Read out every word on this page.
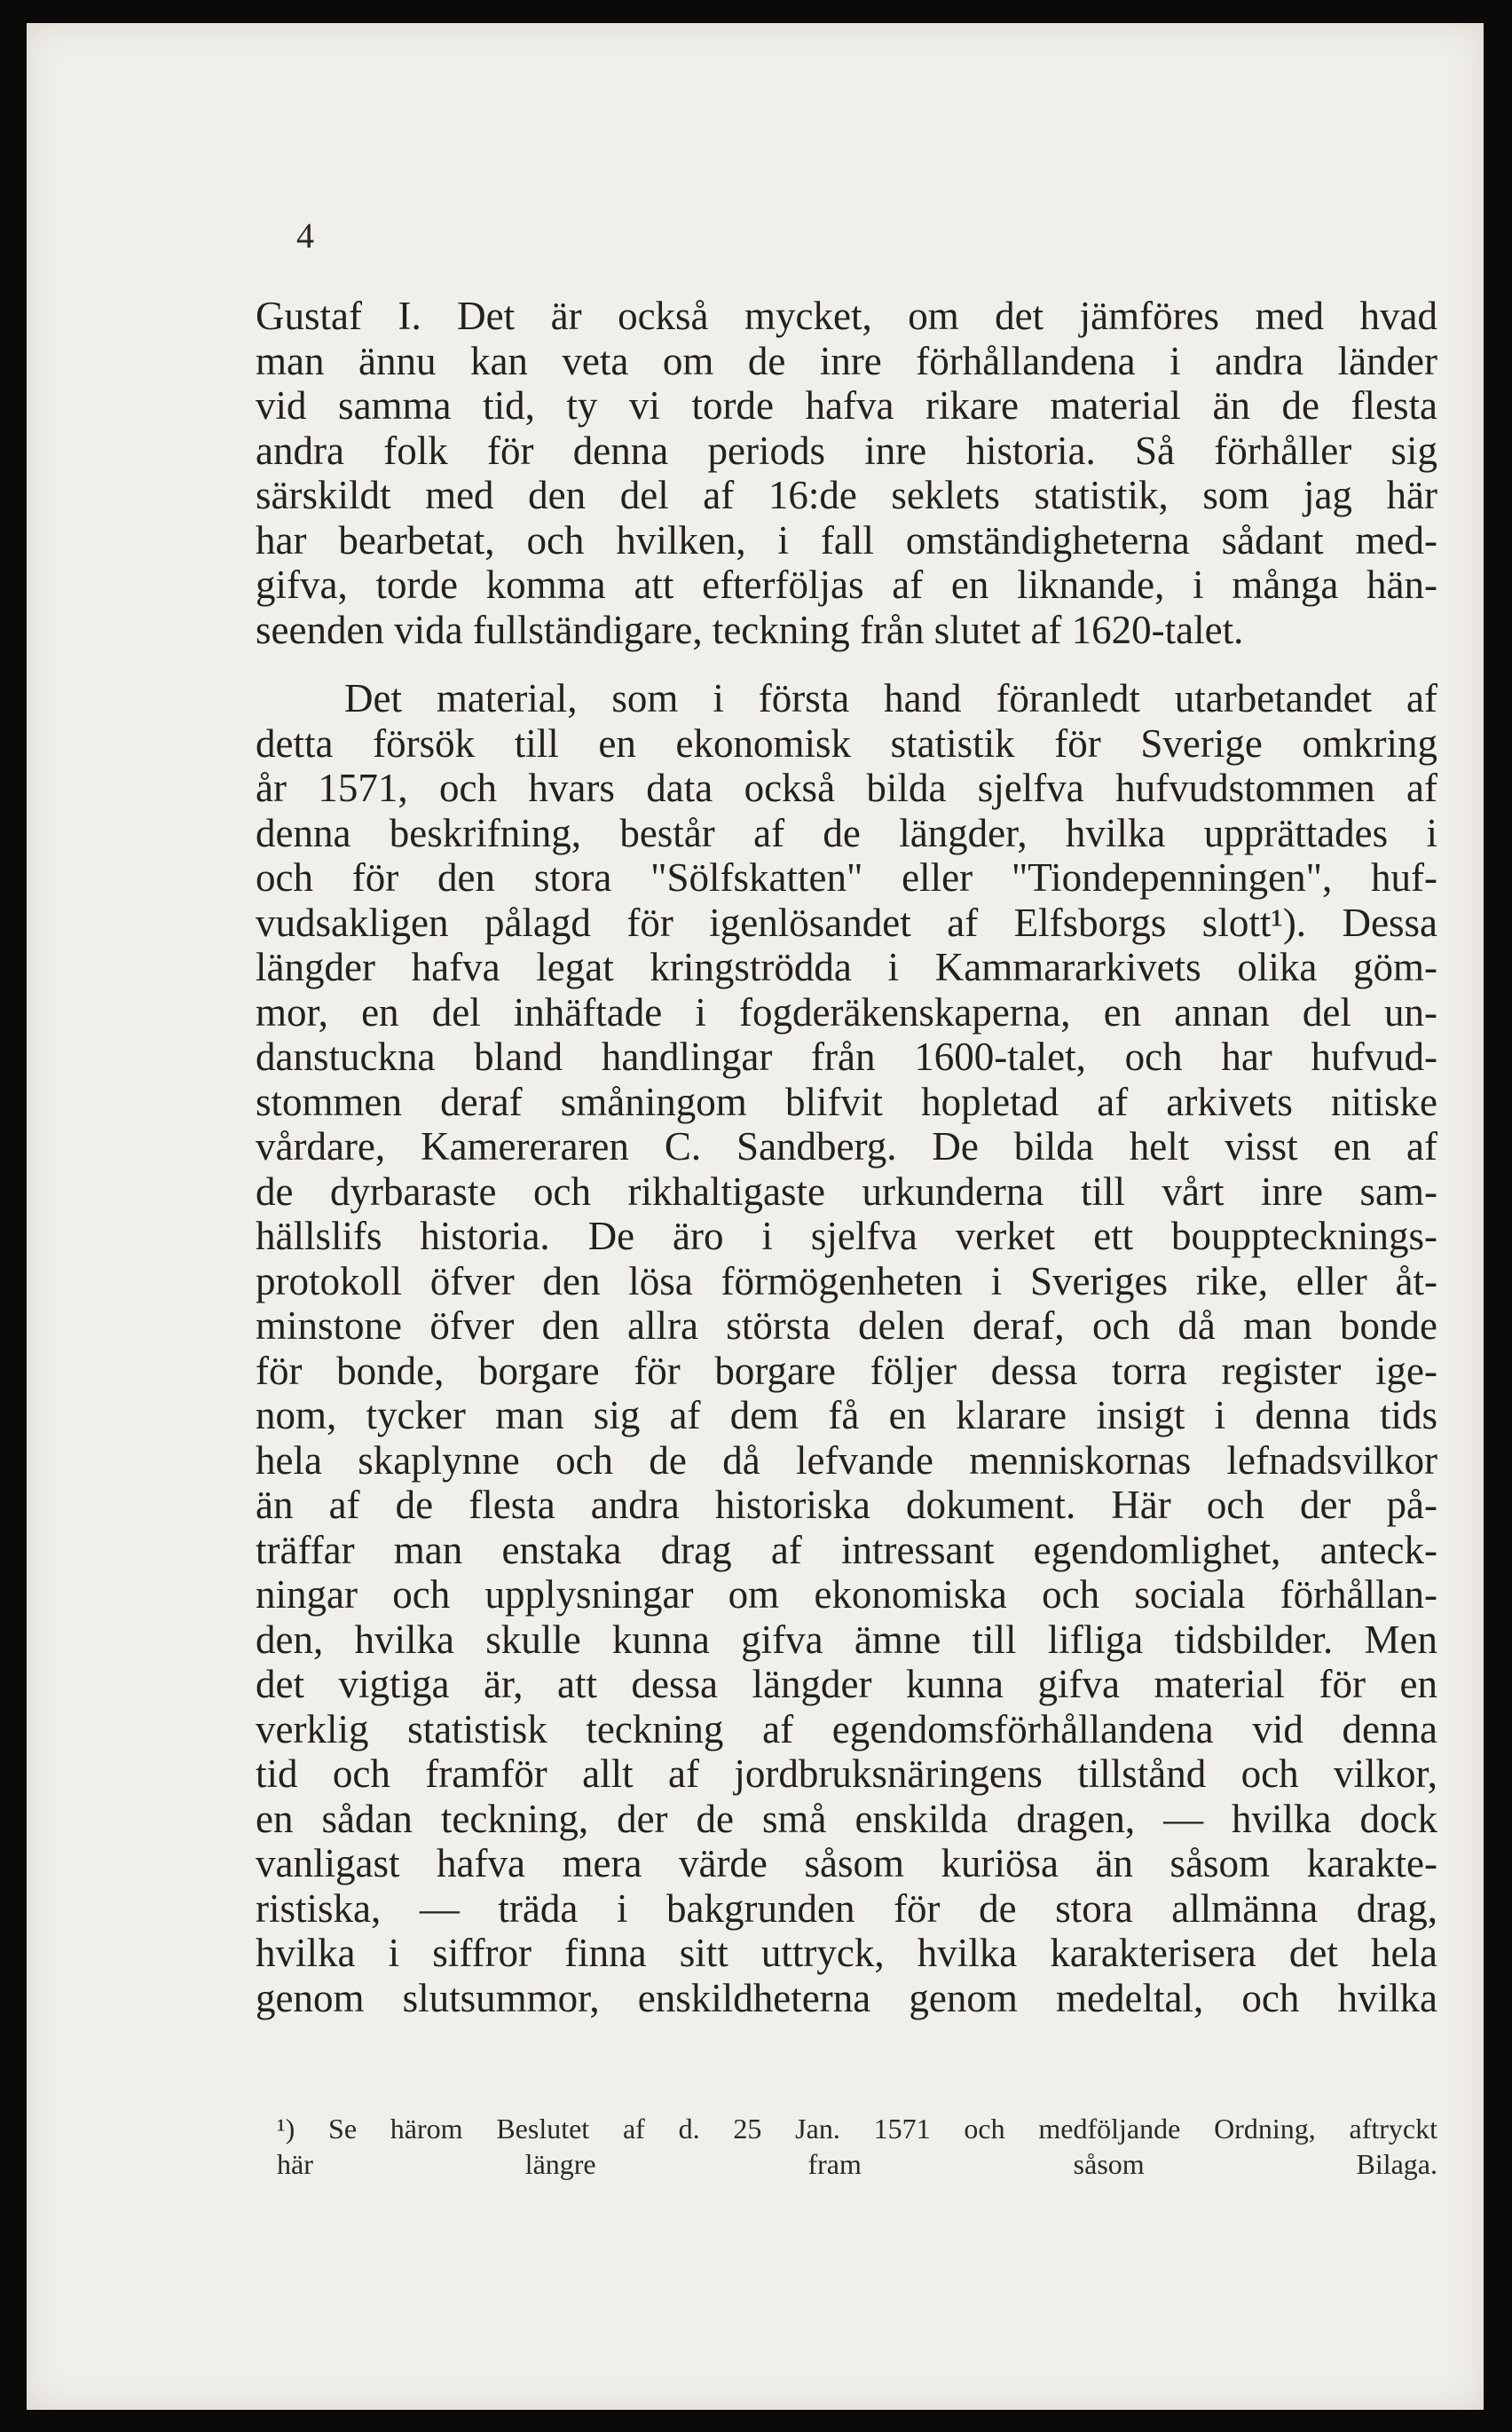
4
Gustaf I. Det är också mycket, om det jämföres med hvad
man ännu kan veta om de inre förhållandena i andra länder
vid samma tid, ty vi torde hafva rikare material än de flesta
andra folk för denna periods inre historia. Så förhåller sig
särskildt med den del af 16:de seklets statistik, som jag här
har bearbetat, och hvilken, i fall omständigheterna sådant med-
gifva, torde komma att efterföljas af en liknande, i många hän-
seenden vida fullständigare, teckning från slutet af 1620-talet.
Det material, som i första hand föranledt utarbetandet af
detta försök till en ekonomisk statistik för Sverige omkring
år 1571, och hvars data också bilda sjelfva hufvudstommen af
denna beskrifning, består af de längder, hvilka upprättades i
och för den stora "Sölfskatten" eller "Tiondepenningen", huf-
vudsakligen pålagd för igenlösandet af Elfsborgs slott¹). Dessa
längder hafva legat kringströdda i Kammararkivets olika göm-
mor, en del inhäftade i fogderäkenskaperna, en annan del un-
danstuckna bland handlingar från 1600-talet, och har hufvud-
stommen deraf småningom blifvit hopletad af arkivets nitiske
vårdare, Kamereraren C. Sandberg. De bilda helt visst en af
de dyrbaraste och rikhaltigaste urkunderna till vårt inre sam-
hällslifs historia. De äro i sjelfva verket ett boupptecknings-
protokoll öfver den lösa förmögenheten i Sveriges rike, eller åt-
minstone öfver den allra största delen deraf, och då man bonde
för bonde, borgare för borgare följer dessa torra register ige-
nom, tycker man sig af dem få en klarare insigt i denna tids
hela skaplynne och de då lefvande menniskornas lefnadsvilkor
än af de flesta andra historiska dokument. Här och der på-
träffar man enstaka drag af intressant egendomlighet, anteck-
ningar och upplysningar om ekonomiska och sociala förhållan-
den, hvilka skulle kunna gifva ämne till lifliga tidsbilder. Men
det vigtiga är, att dessa längder kunna gifva material för en
verklig statistisk teckning af egendomsförhållandena vid denna
tid och framför allt af jordbruksnäringens tillstånd och vilkor,
en sådan teckning, der de små enskilda dragen, — hvilka dock
vanligast hafva mera värde såsom kuriösa än såsom karakte-
ristiska, — träda i bakgrunden för de stora allmänna drag,
hvilka i siffror finna sitt uttryck, hvilka karakterisera det hela
genom slutsummor, enskildheterna genom medeltal, och hvilka
¹) Se härom Beslutet af d. 25 Jan. 1571 och medföljande Ordning, aftryckt
här längre fram såsom Bilaga.
